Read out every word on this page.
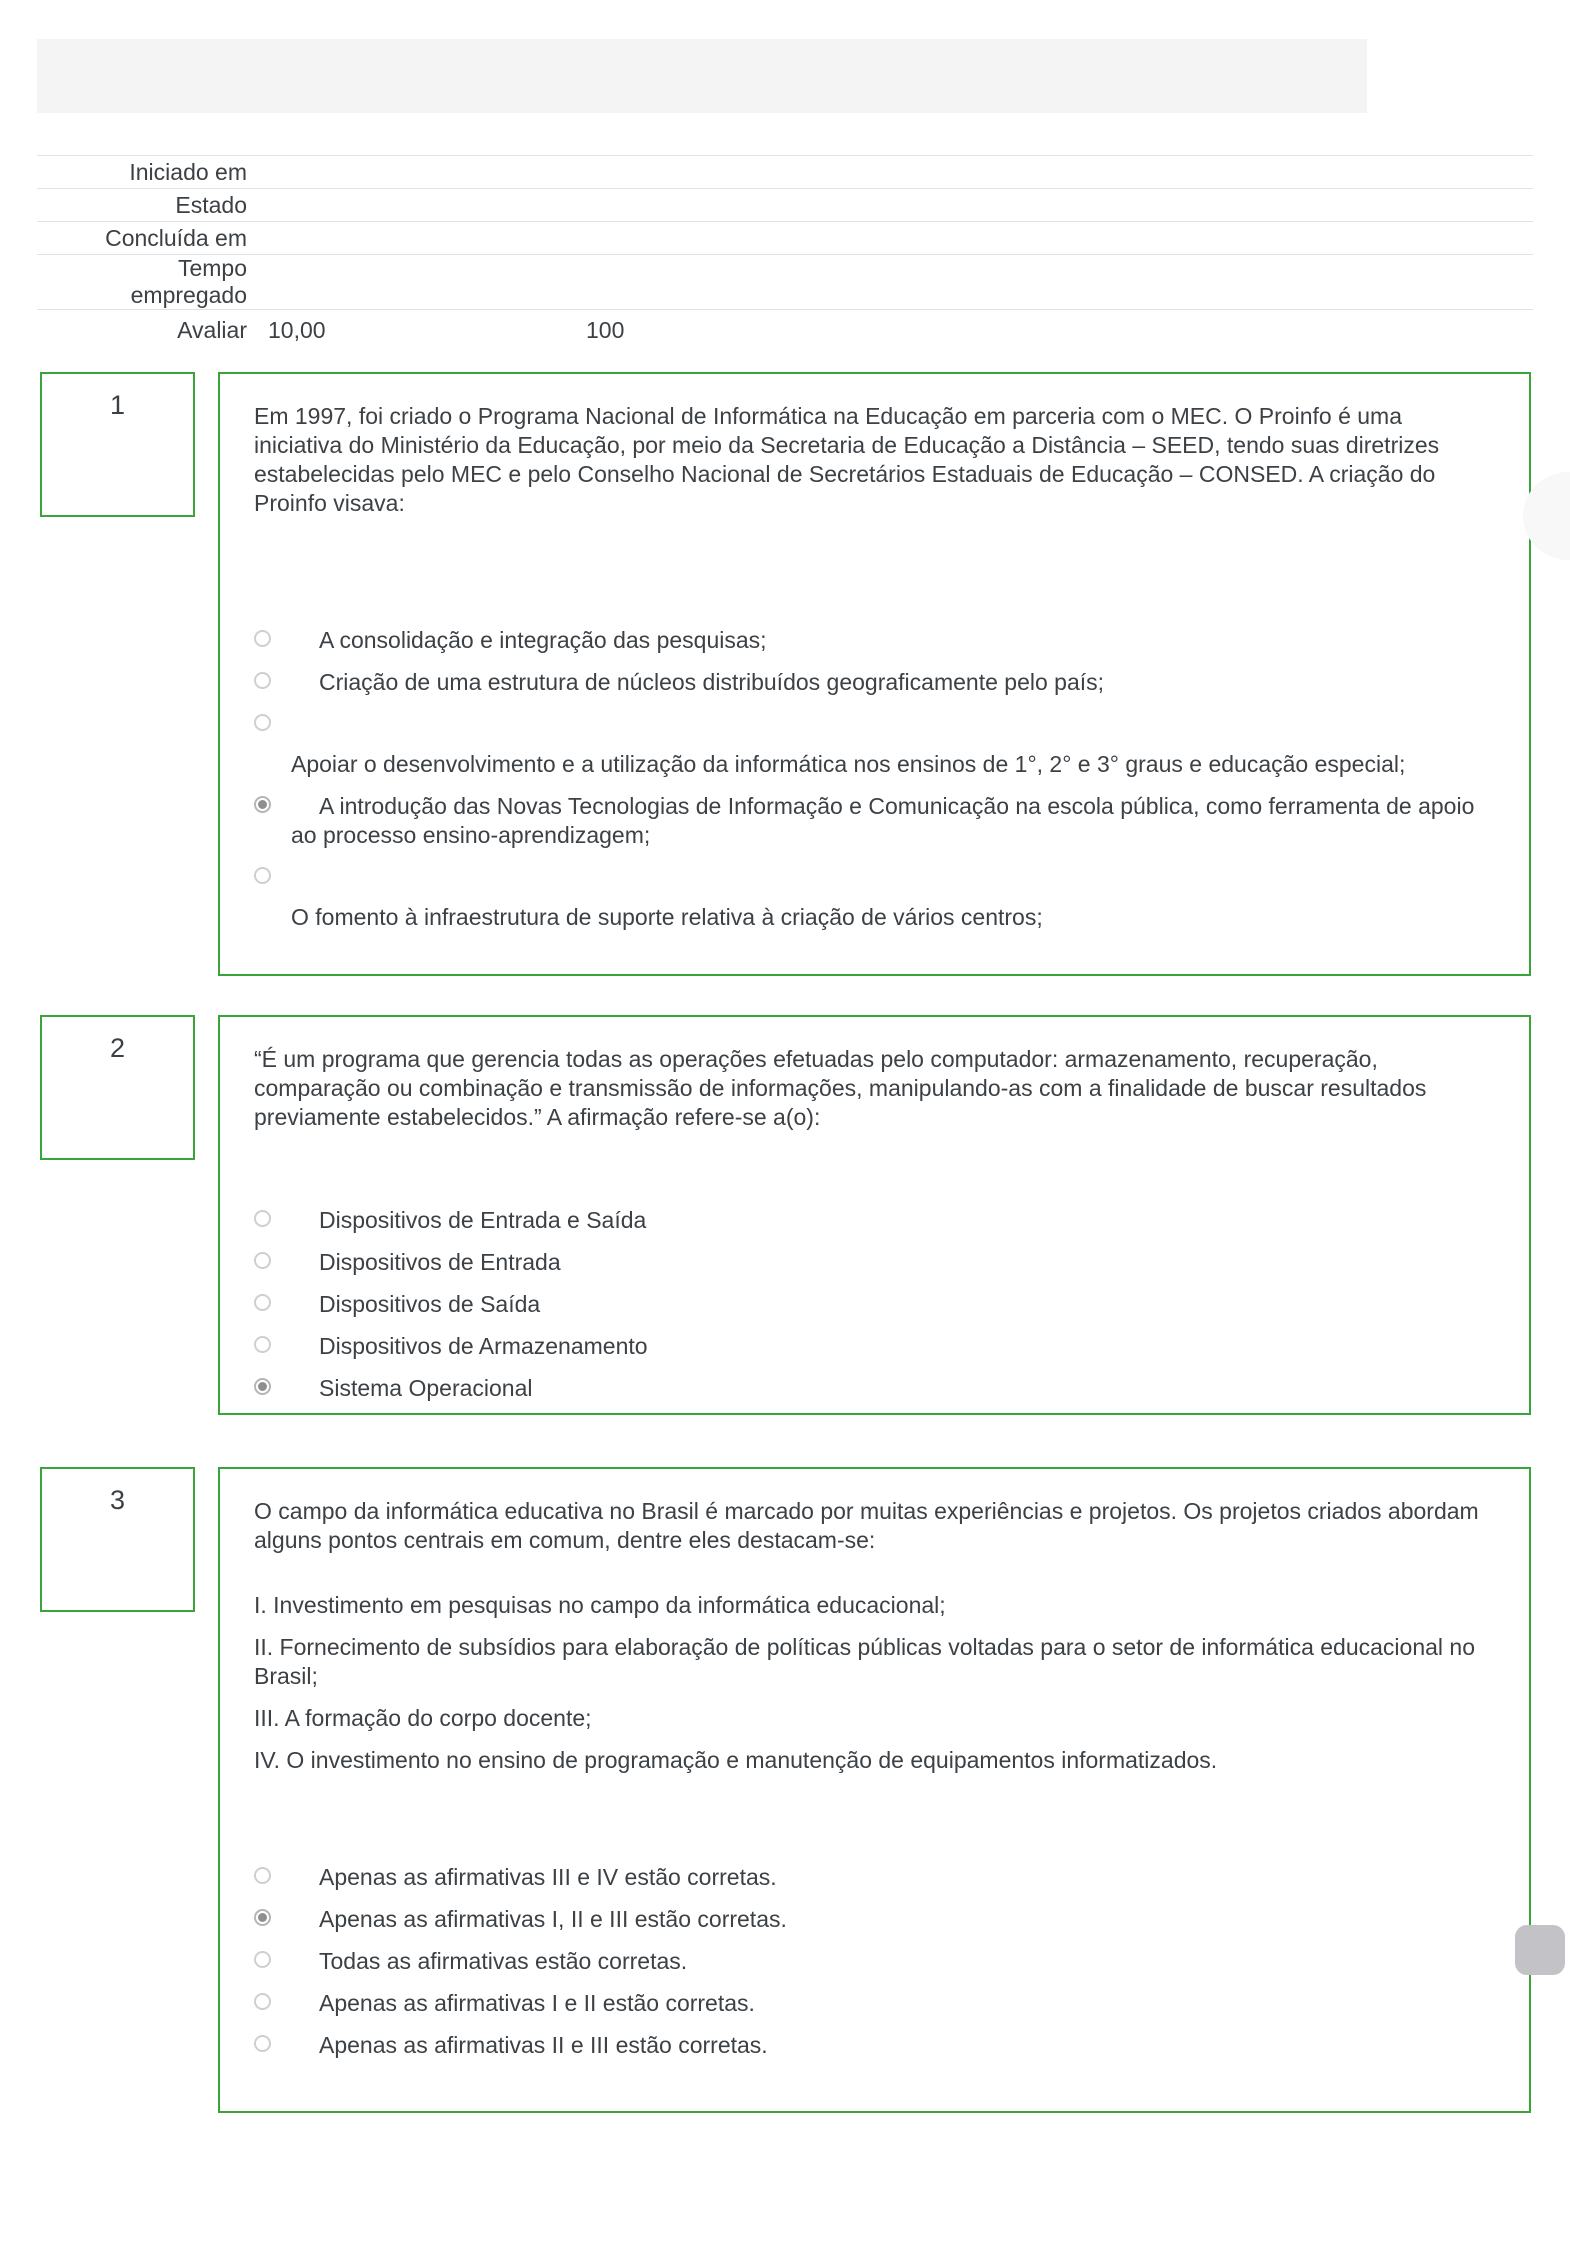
Iniciado em
Estado
Concluída em
Tempo empregado
Avaliar 10,00	100
1	Em 1997, foi criado o Programa Nacional de Informática na Educação em parceria com o MEC. O Proinfo é uma iniciativa do Ministério da Educação, por meio da Secretaria de Educação a Distância – SEED, tendo suas diretrizes estabelecidas pelo MEC e pelo Conselho Nacional de Secretários Estaduais de Educação – CONSED. A criação do Proinfo visava:

A consolidação e integração das pesquisas;
Criação de uma estrutura de núcleos distribuídos geograficamente pelo país;
Apoiar o desenvolvimento e a utilização da informática nos ensinos de 1°, 2° e 3° graus e educação especial;
A introdução das Novas Tecnologias de Informação e Comunicação na escola pública, como ferramenta de apoio ao processo ensino-aprendizagem;
O fomento à infraestrutura de suporte relativa à criação de vários centros;
2	“É um programa que gerencia todas as operações efetuadas pelo computador: armazenamento, recuperação, comparação ou combinação e transmissão de informações, manipulando-as com a finalidade de buscar resultados previamente estabelecidos.” A afirmação refere-se a(o):

Dispositivos de Entrada e Saída
Dispositivos de Entrada
Dispositivos de Saída
Dispositivos de Armazenamento
Sistema Operacional
3	O campo da informática educativa no Brasil é marcado por muitas experiências e projetos. Os projetos criados abordam alguns pontos centrais em comum, dentre eles destacam-se:

I. Investimento em pesquisas no campo da informática educacional;
II. Fornecimento de subsídios para elaboração de políticas públicas voltadas para o setor de informática educacional no Brasil;
III. A formação do corpo docente;
IV. O investimento no ensino de programação e manutenção de equipamentos informatizados.
Apenas as afirmativas III e IV estão corretas.
Apenas as afirmativas I, II e III estão corretas.
Todas as afirmativas estão corretas.
Apenas as afirmativas I e II estão corretas.
Apenas as afirmativas II e III estão corretas.
